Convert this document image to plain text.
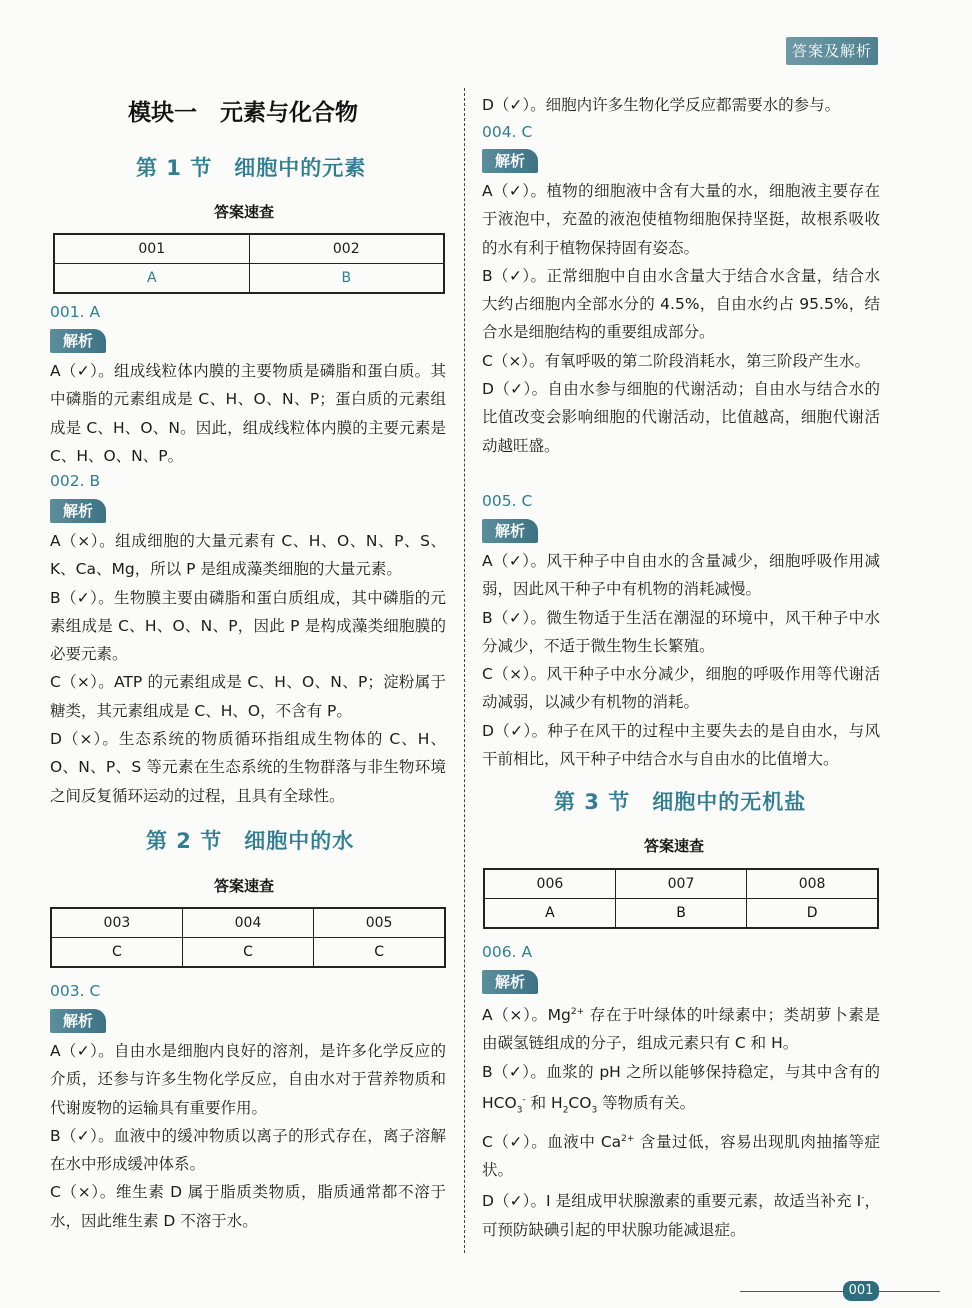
答案及解析
模块一　元素与化合物
第 1 节　细胞中的元素
答案速查
001	002
A	B
001. A
解析
A（✓）。组成线粒体内膜的主要物质是磷脂和蛋白质。其中磷脂的元素组成是 C、H、O、N、P；蛋白质的元素组成是 C、H、O、N。因此，组成线粒体内膜的主要元素是 C、H、O、N、P。
002. B
解析
A（×）。组成细胞的大量元素有 C、H、O、N、P、S、K、Ca、Mg，所以 P 是组成藻类细胞的大量元素。
B（✓）。生物膜主要由磷脂和蛋白质组成，其中磷脂的元素组成是 C、H、O、N、P，因此 P 是构成藻类细胞膜的必要元素。
C（×）。ATP 的元素组成是 C、H、O、N、P；淀粉属于糖类，其元素组成是 C、H、O，不含有 P。
D（×）。生态系统的物质循环指组成生物体的 C、H、O、N、P、S 等元素在生态系统的生物群落与非生物环境之间反复循环运动的过程，且具有全球性。
第 2 节　细胞中的水
答案速查
003	004	005
C	C	C
003. C
解析
A（✓）。自由水是细胞内良好的溶剂，是许多化学反应的介质，还参与许多生物化学反应，自由水对于营养物质和代谢废物的运输具有重要作用。
B（✓）。血液中的缓冲物质以离子的形式存在，离子溶解在水中形成缓冲体系。
C（×）。维生素 D 属于脂质类物质，脂质通常都不溶于水，因此维生素 D 不溶于水。
D（✓）。细胞内许多生物化学反应都需要水的参与。
004. C
解析
A（✓）。植物的细胞液中含有大量的水，细胞液主要存在于液泡中，充盈的液泡使植物细胞保持坚挺，故根系吸收的水有利于植物保持固有姿态。
B（✓）。正常细胞中自由水含量大于结合水含量，结合水大约占细胞内全部水分的 4.5%，自由水约占 95.5%，结合水是细胞结构的重要组成部分。
C（×）。有氧呼吸的第二阶段消耗水，第三阶段产生水。
D（✓）。自由水参与细胞的代谢活动；自由水与结合水的比值改变会影响细胞的代谢活动，比值越高，细胞代谢活动越旺盛。
005. C
解析
A（✓）。风干种子中自由水的含量减少，细胞呼吸作用减弱，因此风干种子中有机物的消耗减慢。
B（✓）。微生物适于生活在潮湿的环境中，风干种子中水分减少，不适于微生物生长繁殖。
C（×）。风干种子中水分减少，细胞的呼吸作用等代谢活动减弱，以减少有机物的消耗。
D（✓）。种子在风干的过程中主要失去的是自由水，与风干前相比，风干种子中结合水与自由水的比值增大。
第 3 节　细胞中的无机盐
答案速查
006	007	008
A	B	D
006. A
解析
A（×）。$Mg^{2+}$ 存在于叶绿体的叶绿素中；类胡萝卜素是由碳氢链组成的分子，组成元素只有 C 和 H。
B（✓）。血浆的 pH 之所以能够保持稳定，与其中含有的 $HCO_3^-$ 和 $H_2CO_3$ 等物质有关。
C（✓）。血液中 $Ca^{2+}$ 含量过低，容易出现肌肉抽搐等症状。
D（✓）。I 是组成甲状腺激素的重要元素，故适当补充 I-，可预防缺碘引起的甲状腺功能减退症。
001
